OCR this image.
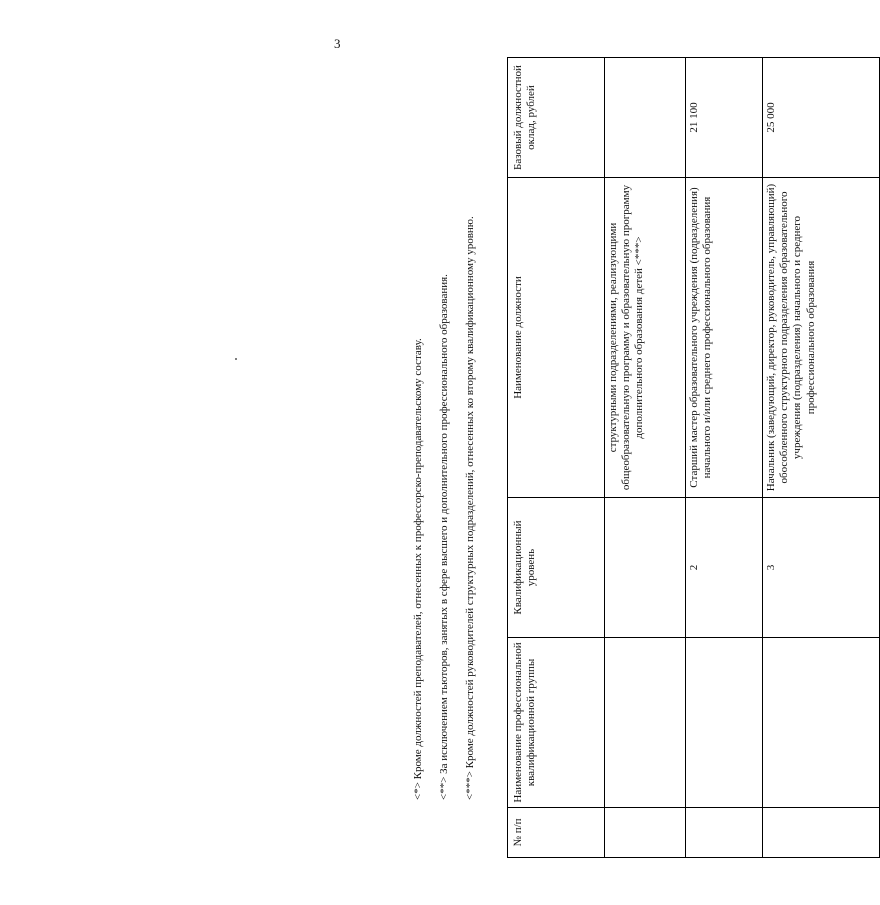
3
№ п/п	Наименование профессиональной квалификационной группы	Квалификационный уровень	Наименование должности	Базовый должностной оклад, рублей
			структурными подразделениями, реализующими общеобразовательную программу и образовательную программу дополнительного образования детей <***>	
		2	Старший мастер образовательного учреждения (подразделения) начального и/или среднего профессионального образования	21 100
		3	Начальник (заведующий, директор, руководитель, управляющий) обособленного структурного подразделения образовательного учреждения (подразделения) начального и среднего профессионального образования	25 000

<*> Кроме должностей преподавателей, отнесенных к профессорско-преподавательскому составу. <**> За исключением тьюторов, занятых в сфере высшего и дополнительного профессионального образования. <***> Кроме должностей руководителей структурных подразделений, отнесенных ко второму квалификационному уровню.
